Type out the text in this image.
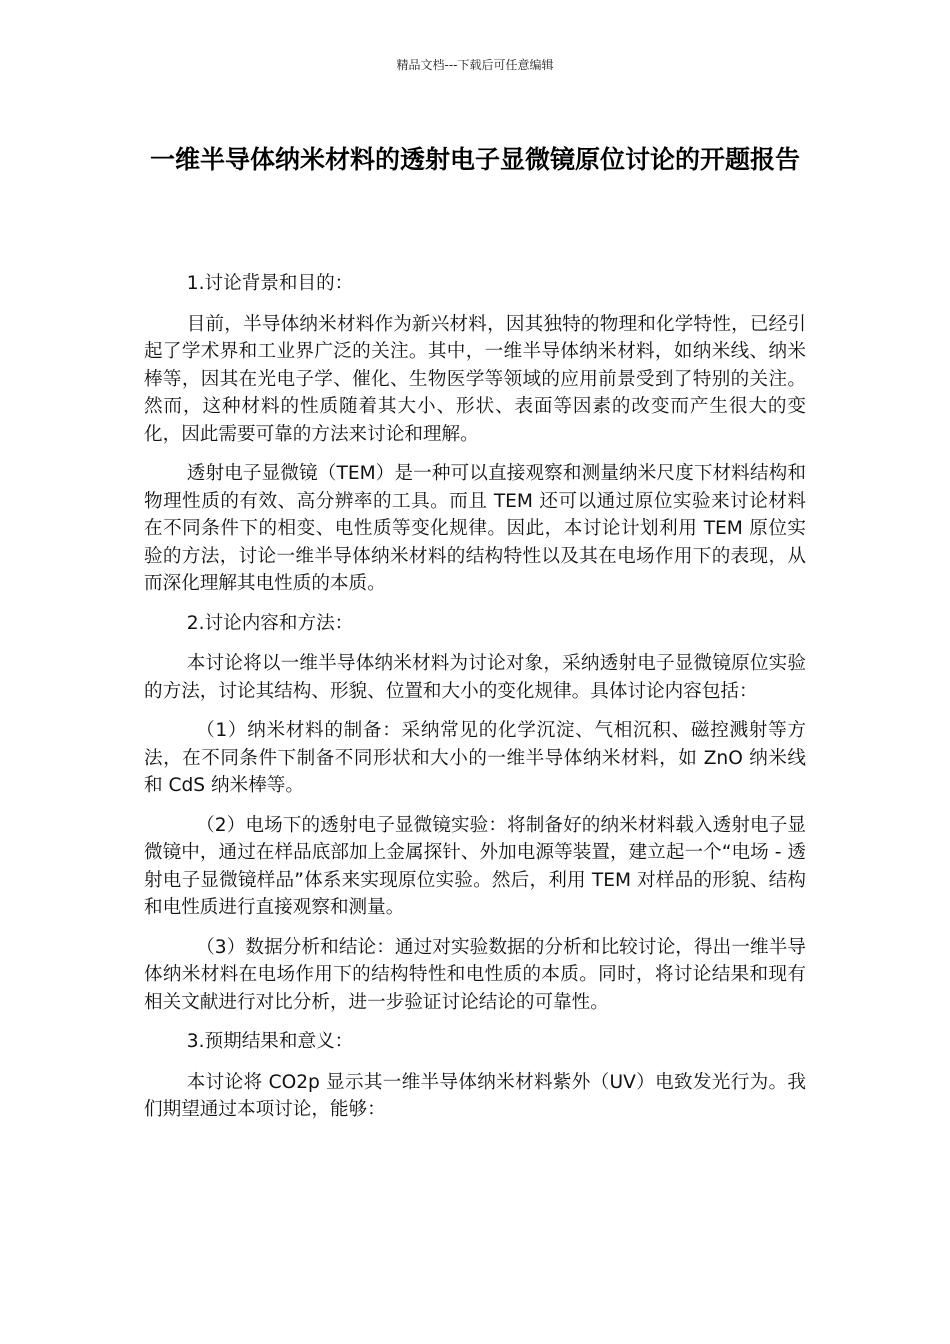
精品文档---下载后可任意编辑
一维半导体纳米材料的透射电子显微镜原位讨论的开题报告

1.讨论背景和目的：

目前，半导体纳米材料作为新兴材料，因其独特的物理和化学特性，已经引起了学术界和工业界广泛的关注。其中，一维半导体纳米材料，如纳米线、纳米棒等，因其在光电子学、催化、生物医学等领域的应用前景受到了特别的关注。然而，这种材料的性质随着其大小、形状、表面等因素的改变而产生很大的变化，因此需要可靠的方法来讨论和理解。

透射电子显微镜（TEM）是一种可以直接观察和测量纳米尺度下材料结构和物理性质的有效、高分辨率的工具。而且 TEM 还可以通过原位实验来讨论材料在不同条件下的相变、电性质等变化规律。因此，本讨论计划利用 TEM 原位实验的方法，讨论一维半导体纳米材料的结构特性以及其在电场作用下的表现，从而深化理解其电性质的本质。

2.讨论内容和方法：

本讨论将以一维半导体纳米材料为讨论对象，采纳透射电子显微镜原位实验的方法，讨论其结构、形貌、位置和大小的变化规律。具体讨论内容包括：

（1）纳米材料的制备：采纳常见的化学沉淀、气相沉积、磁控溅射等方法，在不同条件下制备不同形状和大小的一维半导体纳米材料，如 ZnO 纳米线和 CdS 纳米棒等。

（2）电场下的透射电子显微镜实验：将制备好的纳米材料载入透射电子显微镜中，通过在样品底部加上金属探针、外加电源等装置，建立起一个“电场 - 透射电子显微镜样品”体系来实现原位实验。然后，利用 TEM 对样品的形貌、结构和电性质进行直接观察和测量。

（3）数据分析和结论：通过对实验数据的分析和比较讨论，得出一维半导体纳米材料在电场作用下的结构特性和电性质的本质。同时，将讨论结果和现有相关文献进行对比分析，进一步验证讨论结论的可靠性。

3.预期结果和意义：

本讨论将 CO2p 显示其一维半导体纳米材料紫外（UV）电致发光行为。我们期望通过本项讨论，能够：
